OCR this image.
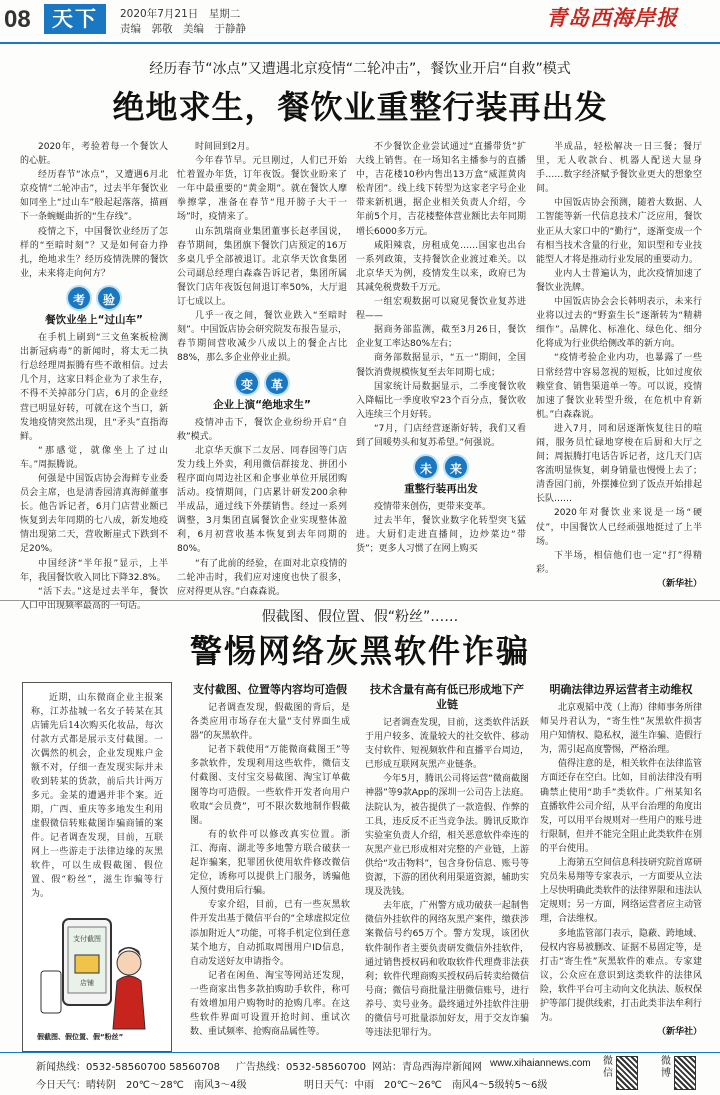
08	天下	2020年7月21日　星期二
责编　郭敬　美编　于静静	青岛西海岸报
经历春节“冰点”又遭遇北京疫情“二轮冲击”，餐饮业开启“自救”模式
绝地求生，餐饮业重整行装再出发

2020年，考验着每一个餐饮人的心脏。

经历春节“冰点”，又遭遇6月北京疫情“二轮冲击”，过去半年餐饮业如同坐上“过山车”般起起落落，描画下一条蜿蜒曲折的“生存线”。

疫情之下，中国餐饮业经历了怎样的“至暗时刻”？又是如何奋力挣扎，绝地求生？经历疫情洗牌的餐饮业，未来将走向何方？

考	验
餐饮业坐上“过山车”

在手机上刷到“三文鱼案板检测出新冠病毒”的新闻时，将太无二执行总经理周振腾有些不敢相信。过去几个月，这家日料企业为了求生存，不得不关掉部分门店，6月的企业经营已明显好转，可就在这个当口，新发地疫情突然出现，且“矛头”直指海鲜。

“那感觉，就像坐上了过山车。”周振腾说。

何强是中国饭店协会海鲜专业委员会主席，也是清香园清真海鲜董事长。他告诉记者，6月门店营业额已恢复到去年同期的七八成，新发地疫情出现第二天，营收断崖式下跌到不足20%。

中国经济“半年报”显示，上半年，我国餐饮收入同比下降32.8%。

“活下去。”这是过去半年，餐饮人口中出现频率最高的一句话。

时间回到2月。

今年春节早。元旦刚过，人们已开始忙着置办年货，订年夜饭。餐饮业盼来了一年中最重要的“黄金期”。就在餐饮人摩拳擦掌，准备在春节“甩开膀子大干一场”时，疫情来了。

山东凯瑞商业集团董事长赵孝国说，春节期间，集团旗下餐饮门店预定的16万多桌几乎全部被退订。北京华天饮食集团公司副总经理白森森告诉记者，集团所属餐饮门店年夜饭包间退订率50%，大厅退订七成以上。

几乎一夜之间，餐饮业跌入“至暗时刻”。中国饭店协会研究院发布报告显示，春节期间营收减少八成以上的餐企占比88%，那么多企业停业止损。

变	革
企业上演“绝地求生”

疫情冲击下，餐饮企业纷纷开启“自救”模式。

北京华天旗下二友居、同春园等门店发力线上外卖，利用微信群接龙、拼团小程序面向周边社区和企事业单位开展团购活动。疫情期间，门店累计研发200余种半成品，通过线下外摆销售。经过一系列调整，3月集团直属餐饮企业实现整体盈利，6月初营收基本恢复到去年同期的80%。

“有了此前的经验，在面对北京疫情的二轮冲击时，我们应对速度也快了很多，应对得更从容。”白森森说。

不少餐饮企业尝试通过“直播带货”扩大线上销售。在一场知名主播参与的直播中，吉花楼10秒内售出13万盒“威涯黄肉松青团”。线上线下转型为这家老字号企业带来新机遇，据企业相关负责人介绍，今年前5个月，吉花楼整体营业额比去年同期增长6000多万元。

咸阳辣袁，房租成免……国家也出台一系列政策，支持餐饮企业渡过难关。以北京华天为例，疫情发生以来，政府已为其减免税费数千万元。

一组宏观数据可以窥见餐饮业复苏进程——

据商务部监测，截至3月26日，餐饮企业复工率达80%左右；

商务部数据显示，“五一”期间，全国餐饮消费规模恢复至去年同期七成；

国家统计局数据显示，二季度餐饮收入降幅比一季度收窄23个百分点，餐饮收入连续三个月好转。

“7月，门店经营逐渐好转，我们又看到了回暖势头和复苏希望。”何强说。

未	来
重整行装再出发

疫情带来创伤，更带来变革。

过去半年，餐饮业数字化转型突飞猛进。大厨们走进直播间，边炒菜边“带货”；更多人习惯了在网上购买

半成品，轻松解决一日三餐；餐厅里，无人收款台、机器人配送大显身手……数字经济赋予餐饮业更大的想象空间。

中国饭店协会预测，随着大数据、人工智能等新一代信息技术广泛应用，餐饮业正从大家口中的“勤行”，逐渐变成一个有相当技术含量的行业，知识型和专业技能型人才将是推动行业发展的重要动力。

业内人士普遍认为，此次疫情加速了餐饮业洗牌。

中国饭店协会会长韩明表示，未来行业将以过去的“野蛮生长”逐渐转为“精耕细作”。品牌化、标准化、绿色化、细分化将成为行业供给侧改革的新方向。

“疫情考验企业内功，也暴露了一些日常经营中容易忽视的短板，比如过度依赖堂食、销售渠道单一等。可以说，疫情加速了餐饮业转型升级，在危机中育新机。”白森森说。

进入7月，同和居逐渐恢复往日的喧闹，服务员忙碌地穿梭在后厨和大厅之间；周振腾打电话告诉记者，这几天门店客流明显恢复，刺身销量也慢慢上去了；清香园门前，外摆摊位到了饭点开始排起长队……

2020年对餐饮业来说是一场“硬仗”，中国餐饮人已经顽强地挺过了上半场。

下半场，相信他们也一定“打”得精彩。

（新华社）
假截图、假位置、假“粉丝”……
警惕网络灰黑软件诈骗
近期，山东微商企业主报案称，江苏盐城一名女子转某在其店铺先后14次购买化妆品，每次付款方式都是展示支付截图。一次偶然的机会，企业发现账户金额不对，仔细一查发现实际并未收到转某的货款，前后共计两万多元。金某的遭遇并非个案。近期，广西、重庆等多地发生利用虚假微信转账截图诈骗商铺的案件。记者调查发现，目前，互联网上一些游走于法律边缘的灰黑软件，可以生成假截图、假位置、假“粉丝”，滋生诈骗等行为。
支付截图
店铺
假截图、假位置、假“粉丝”
支付截图、位置等内容均可造假

记者调查发现，假截图的背后，是各类应用市场存在大量“支付界面生成器”的灰黑软件。

记者下载使用“万能微商截图王”等多款软件，发现利用这些软件，微信支付截图、支付宝交易截图、淘宝订单截图等均可造假。一些软件开发者向用户收取“会员费”，可不限次数地制作假截图。

有的软件可以修改真实位置。浙江、海南、湖北等多地警方联合破获一起诈骗案，犯罪团伙使用软件修改微信定位，诱称可以提供上门服务，诱骗他人预付费用后行骗。

专家介绍，目前，已有一些灰黑软件开发出基于微信平台的“全球虚拟定位添加附近人”功能，可将手机定位到任意某个地方，自动抓取周围用户ID信息，自动发送好友申请指令。

记者在闲鱼、淘宝等网站还发现，一些商家出售多款拍购助手软件，称可有效增加用户购物时的抢购几率。在这些软件界面可设置开抢时间、重试次数、重试频率、抢购商品属性等。

技术含量有高有低已形成地下产业链

记者调查发现，目前，这类软件活跃于用户较多、流量较大的社交软件、移动支付软件、短视频软件和直播平台周边，已形成互联网灰黑产业链条。

今年5月，腾讯公司将运营“微商截图神器”等9款App的深圳一公司告上法庭。法院认为，被告提供了一款造假、作弊的工具，违反反不正当竞争法。腾讯反欺诈实验室负责人介绍，相关恶意软件牵连的灰黑产业已形成相对完整的产业链，上游供给“攻击物料”，包含身份信息、账号等资源，下游的团伙利用渠道资源，辅助实现及洗钱。

去年底，广州警方成功破获一起制售微信外挂软件的网络灰黑产案件，缴获涉案微信号约65万个。警方发现，该团伙软件制作者主要负责研发微信外挂软件，通过销售授权码和收取软件代理费非法获利；软件代理商购买授权码后转卖给微信号商；微信号商批量注册微信账号，进行养号、卖号业务。最终通过外挂软件注册的微信号可批量添加好友，用于交友诈骗等违法犯罪行为。

明确法律边界运营者主动维权

北京观韬中茂（上海）律师事务所律师吴丹君认为，“寄生性”灰黑软件损害用户知情权、隐私权，滋生诈骗、造假行为，需引起高度警惕，严格治理。

值得注意的是，相关软件在法律监管方面还存在空白。比如，目前法律没有明确禁止使用“助手”类软件。广州某知名直播软件公司介绍，从平台治理的角度出发，可以用平台规则对一些用户的账号进行限制，但并不能完全阻止此类软件在别的平台使用。

上海第五空间信息科技研究院首席研究员朱易翔等专家表示，一方面要从立法上尽快明确此类软件的法律界限和违法认定规则；另一方面，网络运营者应主动管理，合法维权。

多地监管部门表示，隐蔽、跨地域、侵权内容易被删改、证据不易固定等，是打击“寄生性”灰黑软件的难点。专家建议，公众应在意识到这类软件的法律风险，软件平台可主动向文化执法、版权保护等部门提供线索，打击此类非法牟利行为。

（新华社）
新闻热线：0532-58560700 58560708 广告热线：0532-58560700 网站：青岛西海岸新闻网 www.xihaiannews.com
今日天气：晴转阴　20℃～28℃　南风3～4级	明日天气：中雨　20℃～26℃　南风4～5级转5～6级
微信
微博
